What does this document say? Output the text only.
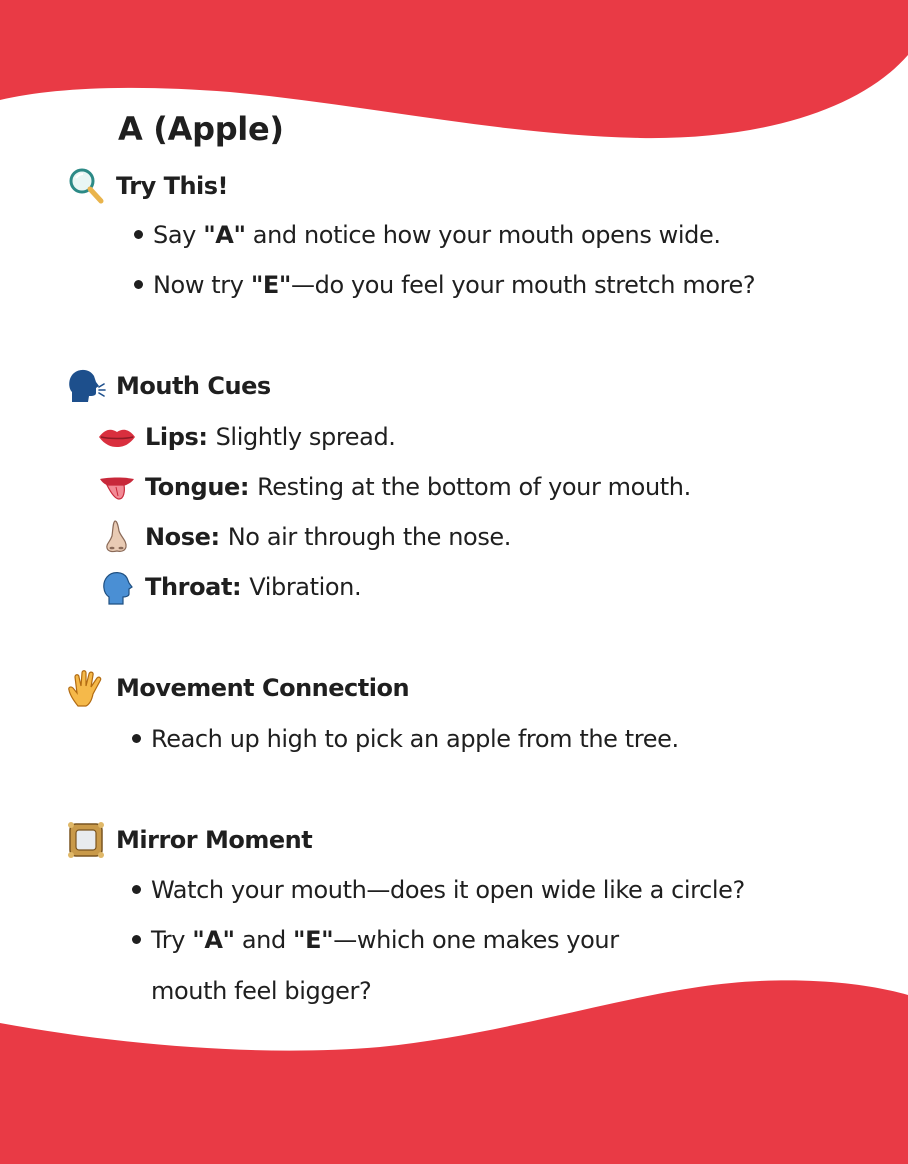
A (Apple)
Try This!
Say "A" and notice how your mouth opens wide.
Now try "E"—do you feel your mouth stretch more?
Mouth Cues
Lips: Slightly spread.
Tongue: Resting at the bottom of your mouth.
Nose: No air through the nose.
Throat: Vibration.
Movement Connection
Reach up high to pick an apple from the tree.
Mirror Moment
Watch your mouth—does it open wide like a circle?
Try "A" and "E"—which one makes your
mouth feel bigger?
